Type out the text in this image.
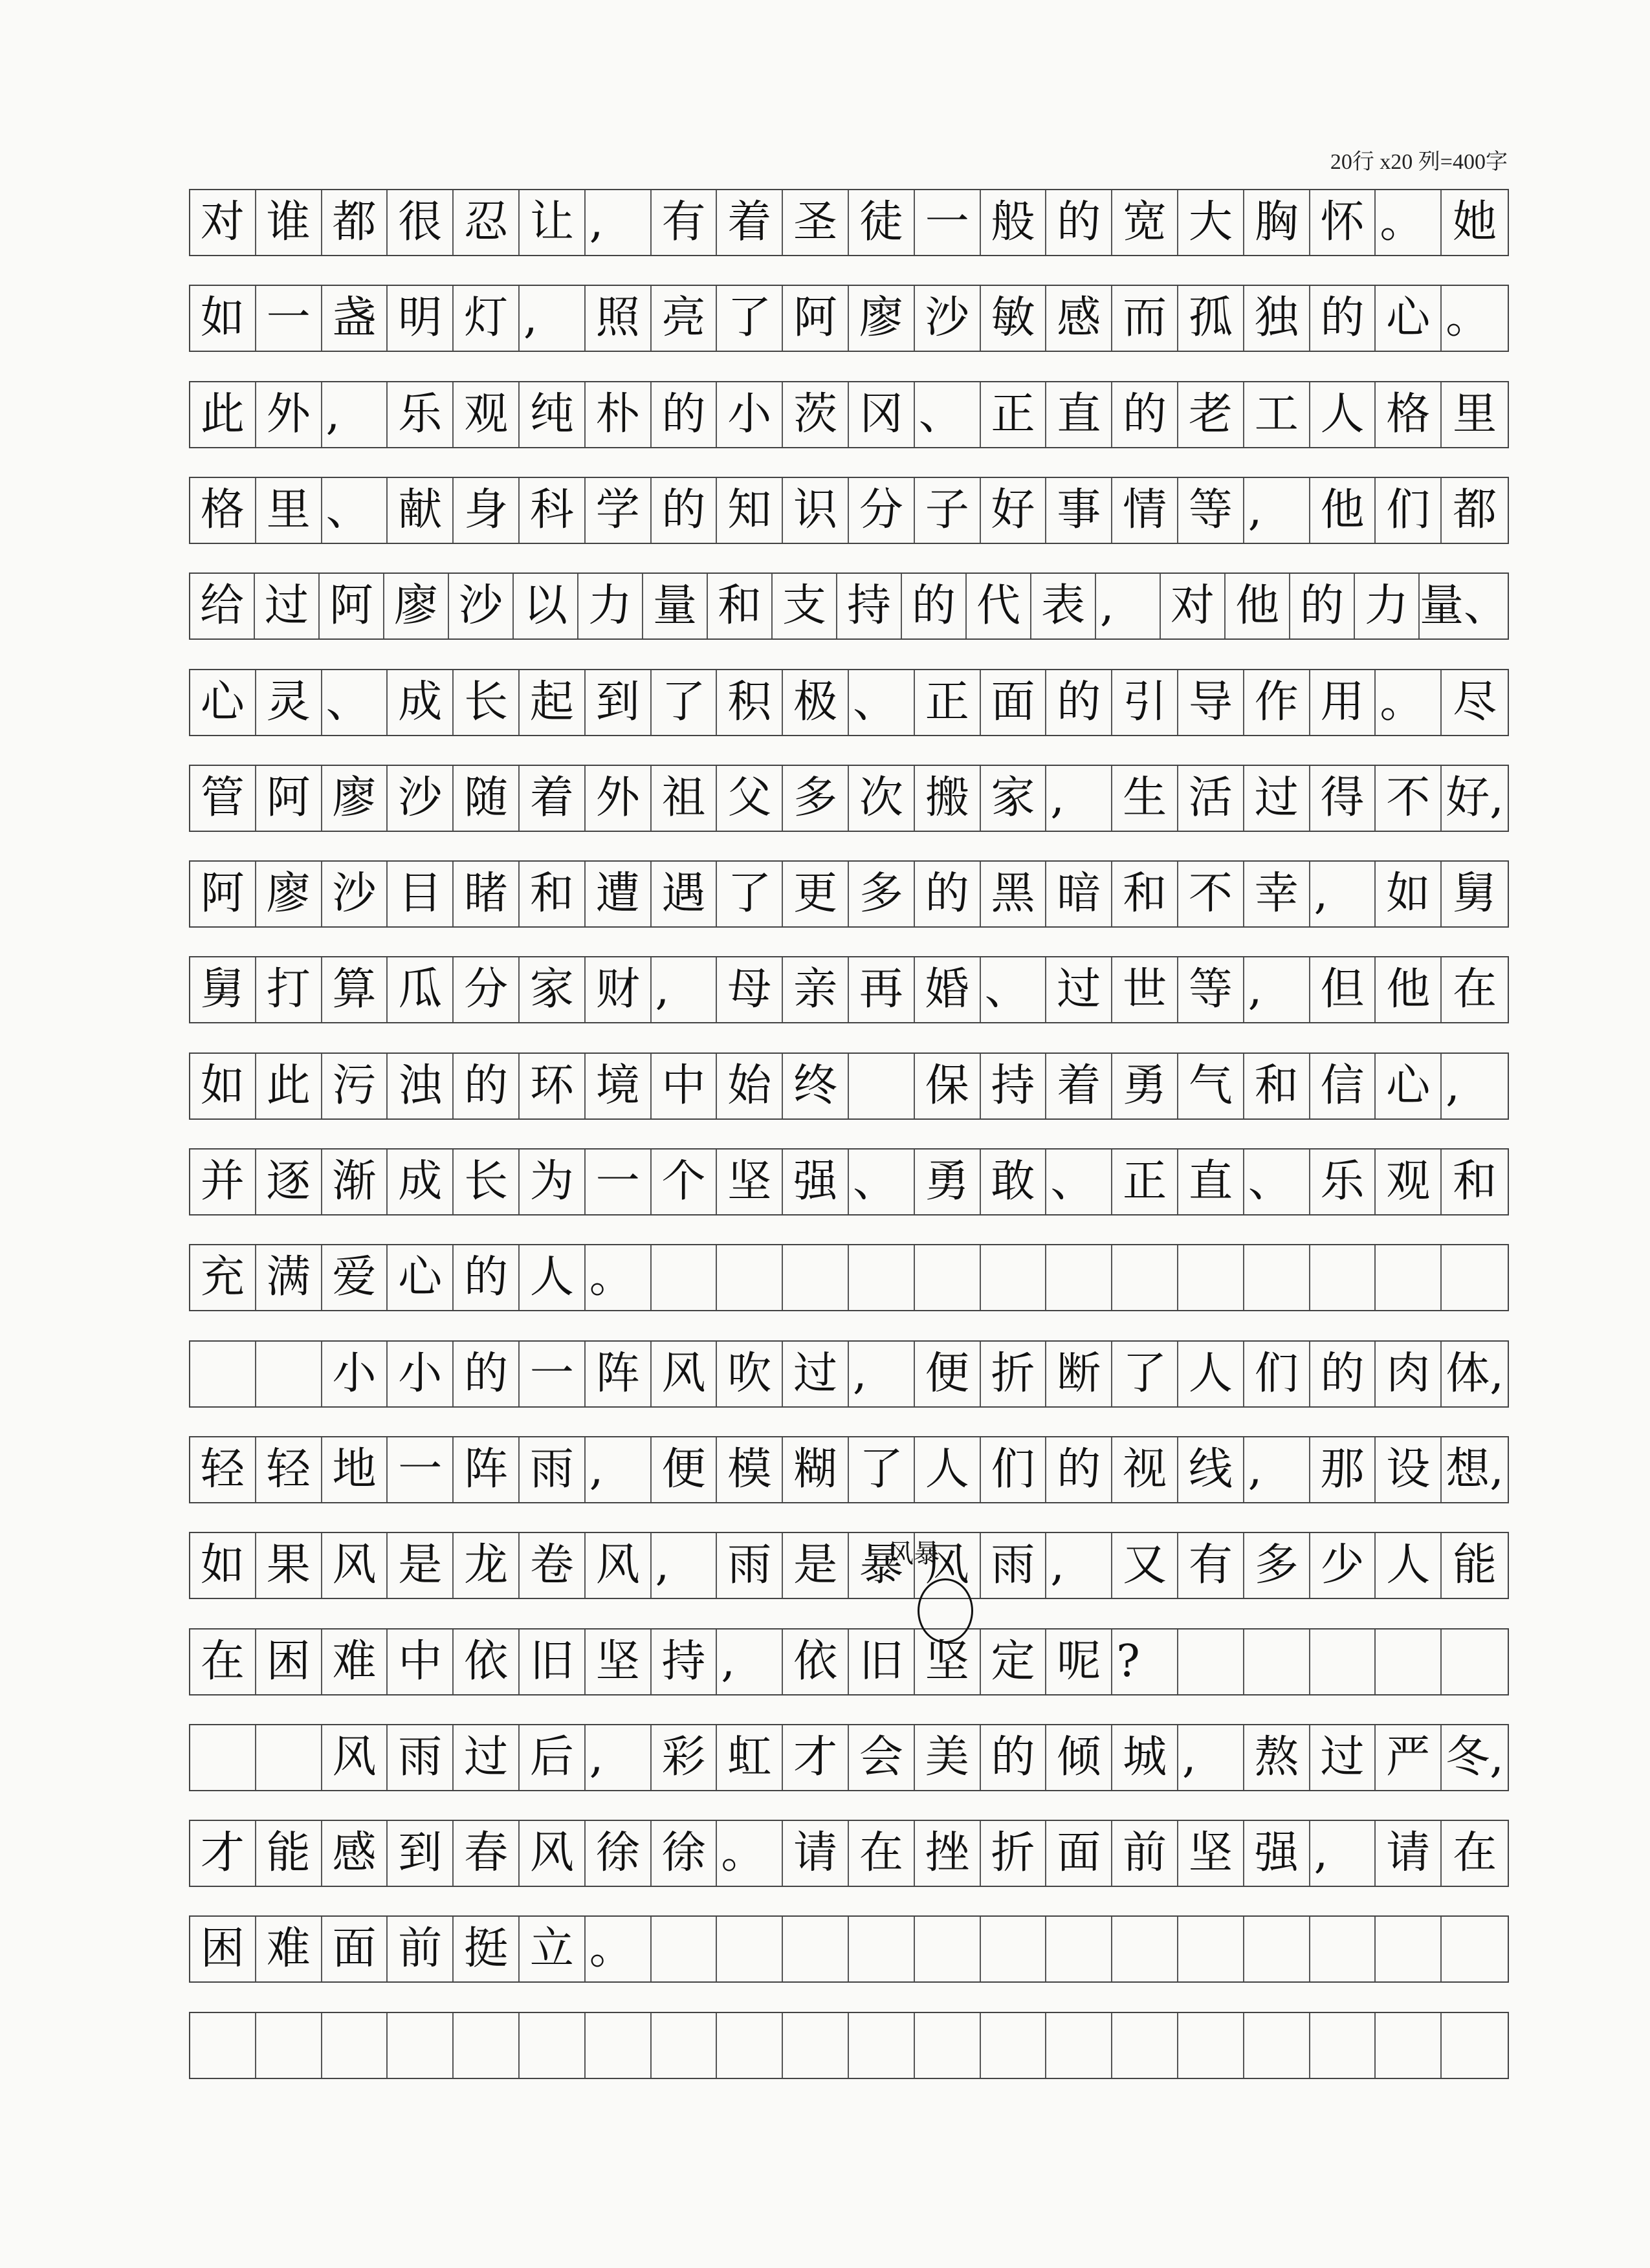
20行 x20 列=400字
对 谁 都 很 忍 让 ,	有 着 圣 徒 一 般 的 宽 大 胸 怀 。 她
如 一 盏 明 灯 ,	照 亮 了 阿 廖 沙 敏 感 而 孤 独 的 心 。
此 外 ,	乐 观 纯 朴 的 小 茨 冈 、 正 直 的 老 工 人 格 里
格 里 、 献 身 科 学 的 知 识 分 子 好 事 情 等 ,	他 们 都
给 过 阿 廖 沙 以 力 量 和 支 持 的 代 表 ,	对 他 的 力 量、
心 灵 、 成 长 起 到 了 积 极 、 正 面 的 引 导 作 用 。 尽
管 阿 廖 沙 随 着 外 祖 父 多 次 搬 家 ,	生 活 过 得 不 好,
阿 廖 沙 目 睹 和 遭 遇 了 更 多 的 黑 暗 和 不 幸 ,	如 舅
舅 打 算 瓜 分 家 财 ,	母 亲 再 婚 、 过 世 等 ,	但 他 在
如 此 污 浊 的 环 境 中 始 终 保 持 着 勇 气 和 信 心 ,
并 逐 渐 成 长 为 一 个 坚 强 、 勇 敢 、 正 直 、 乐 观 和
充 满 爱 心 的 人 。
小 小 的 一 阵 风 吹 过 ,	便 折 断 了 人 们 的 肉 体,
轻 轻 地 一 阵 雨 ,	便 模 糊 了 人 们 的 视 线 ,	那 设 想,
如 果 风 是 龙 卷 风 ,	雨 是 暴 风 雨 ,	又 有 多 少 人 能
在 困 难 中 依 旧 坚 持 ,	依 旧 坚 定 呢 ?
风 雨 过 后 ,	彩 虹 才 会 美 的 倾 城 ,	熬 过 严 冬,
才 能 感 到 春 风 徐 徐 。 请 在 挫 折 面 前 坚 强 ,	请 在
困 难 面 前 挺 立 。
风暴
